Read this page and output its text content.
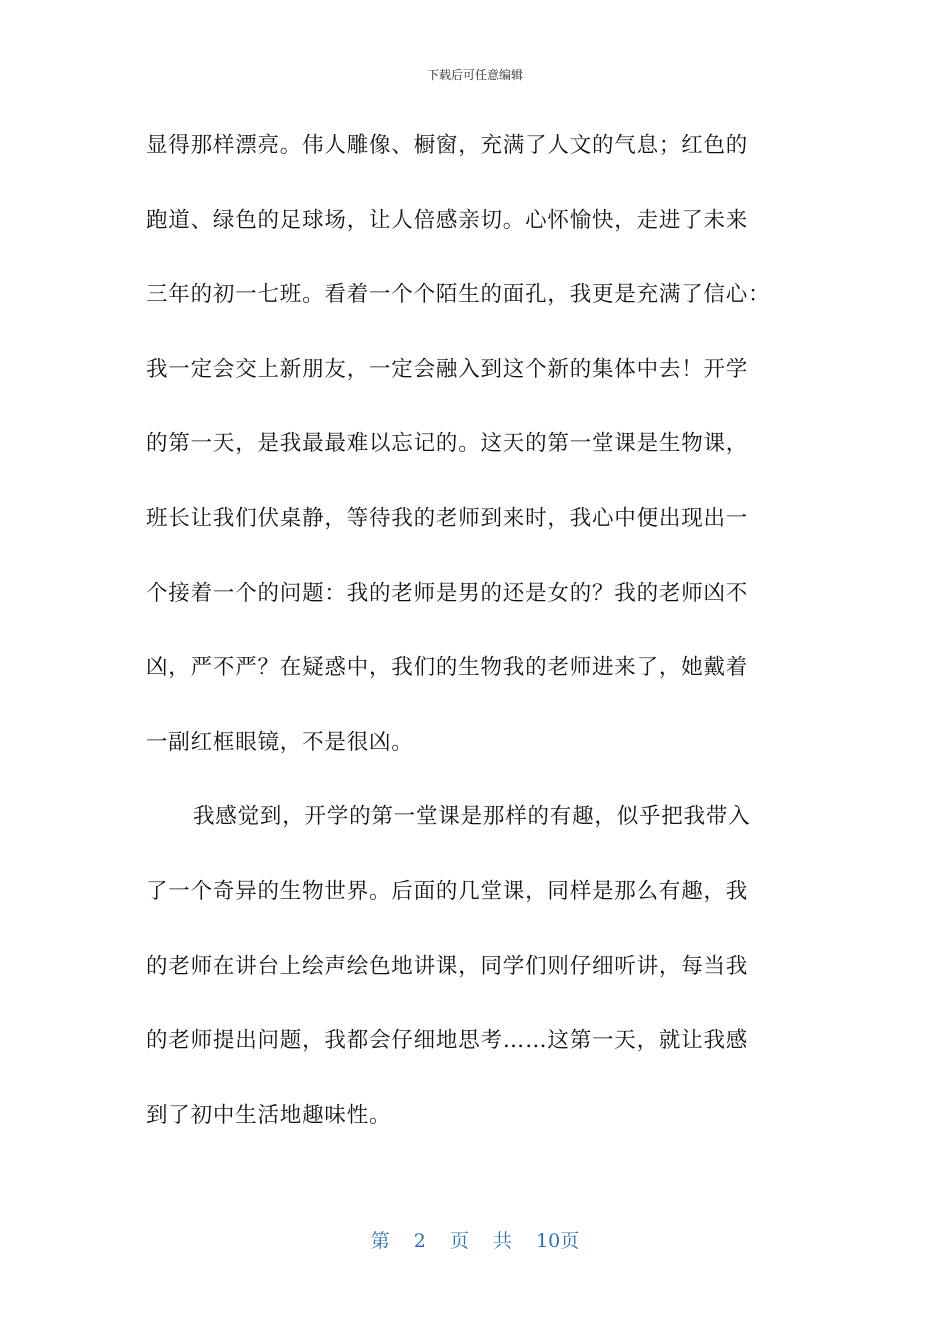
下载后可任意编辑
显得那样漂亮。伟人雕像、橱窗，充满了人文的气息；红色的
跑道、绿色的足球场，让人倍感亲切。心怀愉快，走进了未来
三年的初一七班。看着一个个陌生的面孔，我更是充满了信心：
我一定会交上新朋友，一定会融入到这个新的集体中去！开学
的第一天，是我最最难以忘记的。这天的第一堂课是生物课，
班长让我们伏桌静，等待我的老师到来时，我心中便出现出一
个接着一个的问题：我的老师是男的还是女的？我的老师凶不
凶，严不严？在疑惑中，我们的生物我的老师进来了，她戴着
一副红框眼镜，不是很凶。
我感觉到，开学的第一堂课是那样的有趣，似乎把我带入
了一个奇异的生物世界。后面的几堂课，同样是那么有趣，我
的老师在讲台上绘声绘色地讲课，同学们则仔细听讲，每当我
的老师提出问题，我都会仔细地思考……这第一天，就让我感
到了初中生活地趣味性。
第 2 页 共 10页
